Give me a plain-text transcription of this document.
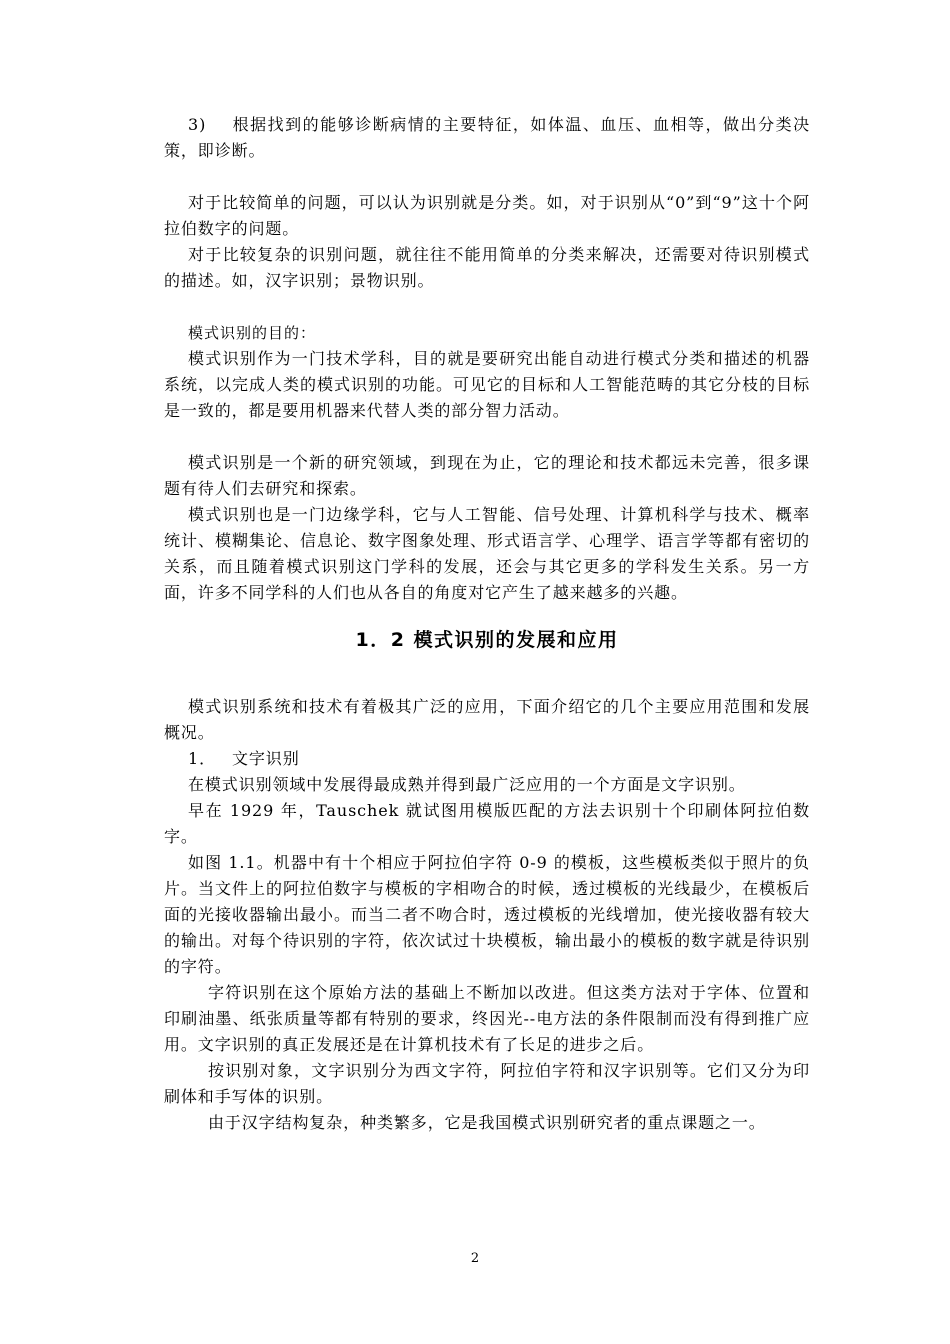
3) 根据找到的能够诊断病情的主要特征，如体温、血压、血相等，做出分类决策，即诊断。

对于比较简单的问题，可以认为识别就是分类。如，对于识别从“0”到“9”这十个阿拉伯数字的问题。

对于比较复杂的识别问题，就往往不能用简单的分类来解决，还需要对待识别模式的描述。如，汉字识别；景物识别。

模式识别的目的：

模式识别作为一门技术学科，目的就是要研究出能自动进行模式分类和描述的机器系统，以完成人类的模式识别的功能。可见它的目标和人工智能范畴的其它分枝的目标是一致的，都是要用机器来代替人类的部分智力活动。

模式识别是一个新的研究领域，到现在为止，它的理论和技术都远未完善，很多课题有待人们去研究和探索。

模式识别也是一门边缘学科，它与人工智能、信号处理、计算机科学与技术、概率统计、模糊集论、信息论、数字图象处理、形式语言学、心理学、语言学等都有密切的关系，而且随着模式识别这门学科的发展，还会与其它更多的学科发生关系。另一方面，许多不同学科的人们也从各自的角度对它产生了越来越多的兴趣。

1．2 模式识别的发展和应用

模式识别系统和技术有着极其广泛的应用，下面介绍它的几个主要应用范围和发展概况。

1． 文字识别

在模式识别领域中发展得最成熟并得到最广泛应用的一个方面是文字识别。

早在 1929 年，Tauschek 就试图用模版匹配的方法去识别十个印刷体阿拉伯数字。

如图 1.1。机器中有十个相应于阿拉伯字符 0-9 的模板，这些模板类似于照片的负片。当文件上的阿拉伯数字与模板的字相吻合的时候，透过模板的光线最少，在模板后面的光接收器输出最小。而当二者不吻合时，透过模板的光线增加，使光接收器有较大的输出。对每个待识别的字符，依次试过十块模板，输出最小的模板的数字就是待识别的字符。

字符识别在这个原始方法的基础上不断加以改进。但这类方法对于字体、位置和印刷油墨、纸张质量等都有特别的要求，终因光--电方法的条件限制而没有得到推广应用。文字识别的真正发展还是在计算机技术有了长足的进步之后。

按识别对象，文字识别分为西文字符，阿拉伯字符和汉字识别等。它们又分为印刷体和手写体的识别。

由于汉字结构复杂，种类繁多，它是我国模式识别研究者的重点课题之一。

2
